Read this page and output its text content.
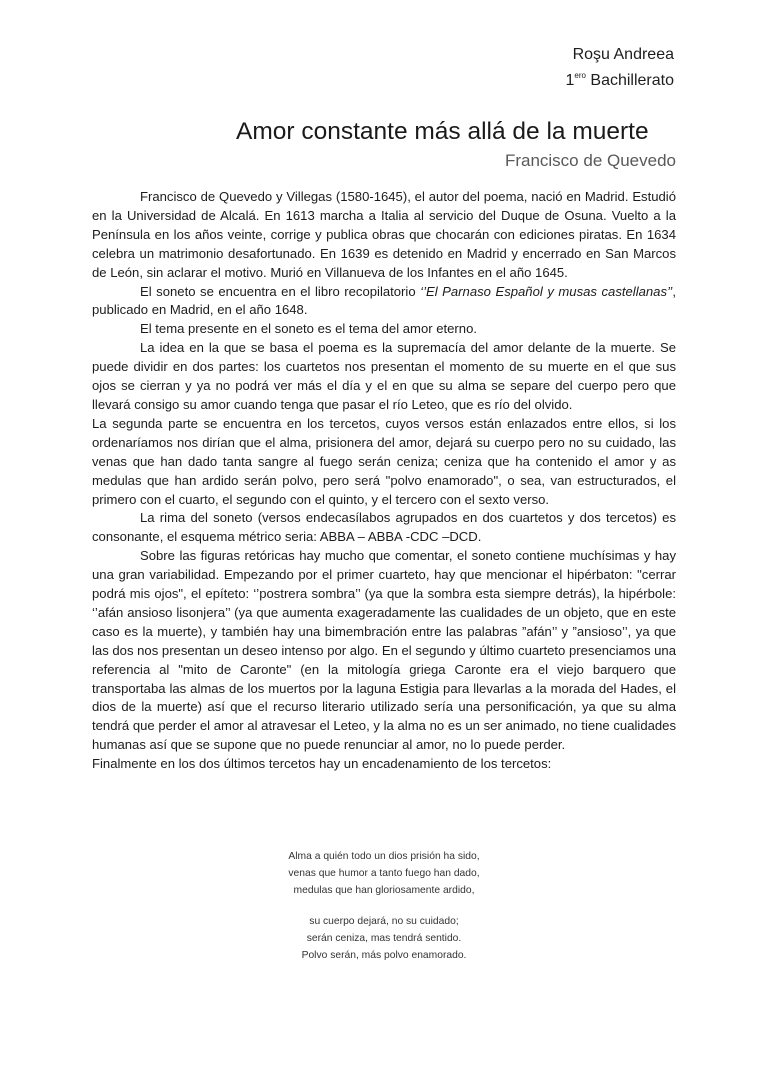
Roşu Andreea
$1^{ero}$ Bachillerato
Amor constante más allá de la muerte
Francisco de Quevedo

Francisco de Quevedo y Villegas (1580-1645), el autor del poema, nació en Madrid. Estudió en la Universidad de Alcalá. En 1613 marcha a Italia al servicio del Duque de Osuna. Vuelto a la Península en los años veinte, corrige y publica obras que chocarán con ediciones piratas. En 1634 celebra un matrimonio desafortunado. En 1639 es detenido en Madrid y encerrado en San Marcos de León, sin aclarar el motivo. Murió en Villanueva de los Infantes en el año 1645.

El soneto se encuentra en el libro recopilatorio ‘’El Parnaso Español y musas castellanas’’, publicado en Madrid, en el año 1648.

El tema presente en el soneto es el tema del amor eterno.

La idea en la que se basa el poema es la supremacía del amor delante de la muerte. Se puede dividir en dos partes: los cuartetos nos presentan el momento de su muerte en el que sus ojos se cierran y ya no podrá ver más el día y el en que su alma se separe del cuerpo pero que llevará consigo su amor cuando tenga que pasar el río Leteo, que es río del olvido.

La segunda parte se encuentra en los tercetos, cuyos versos están enlazados entre ellos, si los ordenaríamos nos dirían que el alma, prisionera del amor, dejará su cuerpo pero no su cuidado, las venas que han dado tanta sangre al fuego serán ceniza; ceniza que ha contenido el amor y as medulas que han ardido serán polvo, pero será "polvo enamorado", o sea, van estructurados, el primero con el cuarto, el segundo con el quinto, y el tercero con el sexto verso.

La rima del soneto (versos endecasílabos agrupados en dos cuartetos y dos tercetos) es consonante, el esquema métrico seria: ABBA – ABBA -CDC –DCD.

Sobre las figuras retóricas hay mucho que comentar, el soneto contiene muchísimas y hay una gran variabilidad. Empezando por el primer cuarteto, hay que mencionar el hipérbaton: "cerrar podrá mis ojos", el epíteto: ‘’postrera sombra’’ (ya que la sombra esta siempre detrás), la hipérbole: ‘’afán ansioso lisonjera’’ (ya que aumenta exageradamente las cualidades de un objeto, que en este caso es la muerte), y también hay una bimembración entre las palabras ”afán’’ y ”ansioso’’, ya que las dos nos presentan un deseo intenso por algo. En el segundo y último cuarteto presenciamos una referencia al "mito de Caronte" (en la mitología griega Caronte era el viejo barquero que transportaba las almas de los muertos por la laguna Estigia para llevarlas a la morada del Hades, el dios de la muerte) así que el recurso literario utilizado sería una personificación, ya que su alma tendrá que perder el amor al atravesar el Leteo, y la alma no es un ser animado, no tiene cualidades humanas así que se supone que no puede renunciar al amor, no lo puede perder.

Finalmente en los dos últimos tercetos hay un encadenamiento de los tercetos:

Alma a quién todo un dios prisión ha sido,
venas que humor a tanto fuego han dado,
medulas que han gloriosamente ardido,
su cuerpo dejará, no su cuidado;
serán ceniza, mas tendrá sentido.
Polvo serán, más polvo enamorado.
